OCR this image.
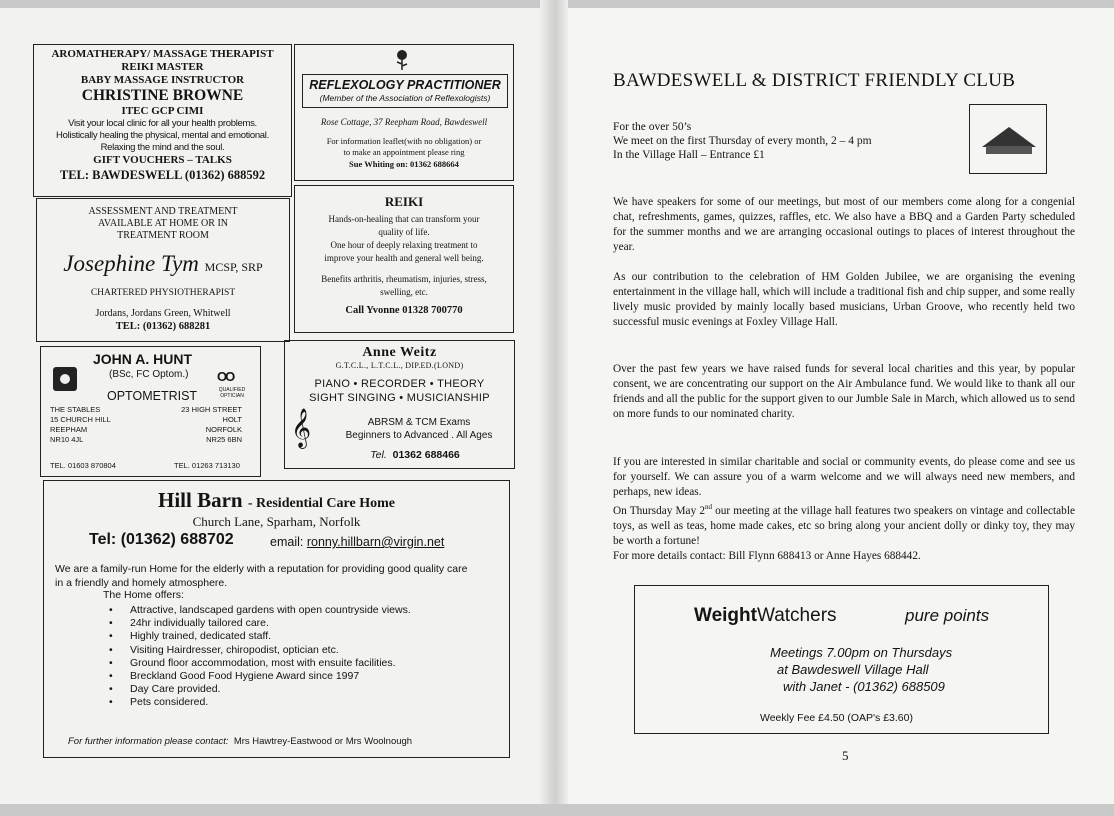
AROMATHERAPY/ MASSAGE THERAPIST
REIKI MASTER
BABY MASSAGE INSTRUCTOR
CHRISTINE BROWNE
ITEC GCP CIMI
Visit your local clinic for all your health problems.
Holistically healing the physical, mental and emotional.
Relaxing the mind and the soul.
GIFT VOUCHERS – TALKS
TEL: BAWDESWELL (01362) 688592
REFLEXOLOGY PRACTITIONER
(Member of the Association of Reflexologists)
Rose Cottage, 37 Reepham Road, Bawdeswell
For information leaflet(with no obligation) or
to make an appointment please ring
Sue Whiting on: 01362 688664
ASSESSMENT AND TREATMENT
AVAILABLE AT HOME OR IN
TREATMENT ROOM
Josephine Tym MCSP, SRP
CHARTERED PHYSIOTHERAPIST
Jordans, Jordans Green, Whitwell
TEL: (01362) 688281
REIKI
Hands-on-healing that can transform your
quality of life.
One hour of deeply relaxing treatment to
improve your health and general well being.
Benefits arthritis, rheumatism, injuries, stress,
swelling, etc.
Call Yvonne 01328 700770
JOHN A. HUNT
(BSc, FC Optom.)
OPTOMETRIST
OO
QUALIFIED OPTICIAN
THE STABLES
15 CHURCH HILL
REEPHAM
NR10 4JL
23 HIGH STREET
HOLT
NORFOLK
NR25 6BN
TEL. 01603 870804	TEL. 01263 713130
Anne Weitz
G.T.C.L., L.T.C.L., DIP.ED.(LOND)
PIANO • RECORDER • THEORY
SIGHT SINGING • MUSICIANSHIP
𝄞	ABRSM & TCM Exams
Beginners to Advanced . All Ages
Tel. 01362 688466
Hill Barn - Residential Care Home
Church Lane, Sparham, Norfolk
Tel: (01362) 688702	email: ronny.hillbarn@virgin.net
We are a family-run Home for the elderly with a reputation for providing good quality care in a friendly and homely atmosphere.
The Home offers:
• Attractive, landscaped gardens with open countryside views.
• 24hr individually tailored care.
• Highly trained, dedicated staff.
• Visiting Hairdresser, chiropodist, optician etc.
• Ground floor accommodation, most with ensuite facilities.
• Breckland Good Food Hygiene Award since 1997
• Day Care provided.
• Pets considered.
For further information please contact: Mrs Hawtrey-Eastwood or Mrs Woolnough
BAWDESWELL & DISTRICT FRIENDLY CLUB
For the over 50’s
We meet on the first Thursday of every month, 2 – 4 pm
In the Village Hall – Entrance £1
We have speakers for some of our meetings, but most of our members come along for a congenial chat, refreshments, games, quizzes, raffles, etc. We also have a BBQ and a Garden Party scheduled for the summer months and we are arranging occasional outings to places of interest throughout the year.
As our contribution to the celebration of HM Golden Jubilee, we are organising the evening entertainment in the village hall, which will include a traditional fish and chip supper, and some really lively music provided by mainly locally based musicians, Urban Groove, who recently held two successful music evenings at Foxley Village Hall.
Over the past few years we have raised funds for several local charities and this year, by popular consent, we are concentrating our support on the Air Ambulance fund. We would like to thank all our friends and all the public for the support given to our Jumble Sale in March, which allowed us to send on more funds to our nominated charity.
If you are interested in similar charitable and social or community events, do please come and see us for yourself. We can assure you of a warm welcome and we will always need new members, and perhaps, new ideas.
On Thursday May 2nd our meeting at the village hall features two speakers on vintage and collectable toys, as well as teas, home made cakes, etc so bring along your ancient dolly or dinky toy, they may be worth a fortune!
For more details contact: Bill Flynn 688413 or Anne Hayes 688442.
WeightWatchers	pure points
Meetings 7.00pm on Thursdays
at Bawdeswell Village Hall
with Janet - (01362) 688509
Weekly Fee £4.50 (OAP's £3.60)
5
